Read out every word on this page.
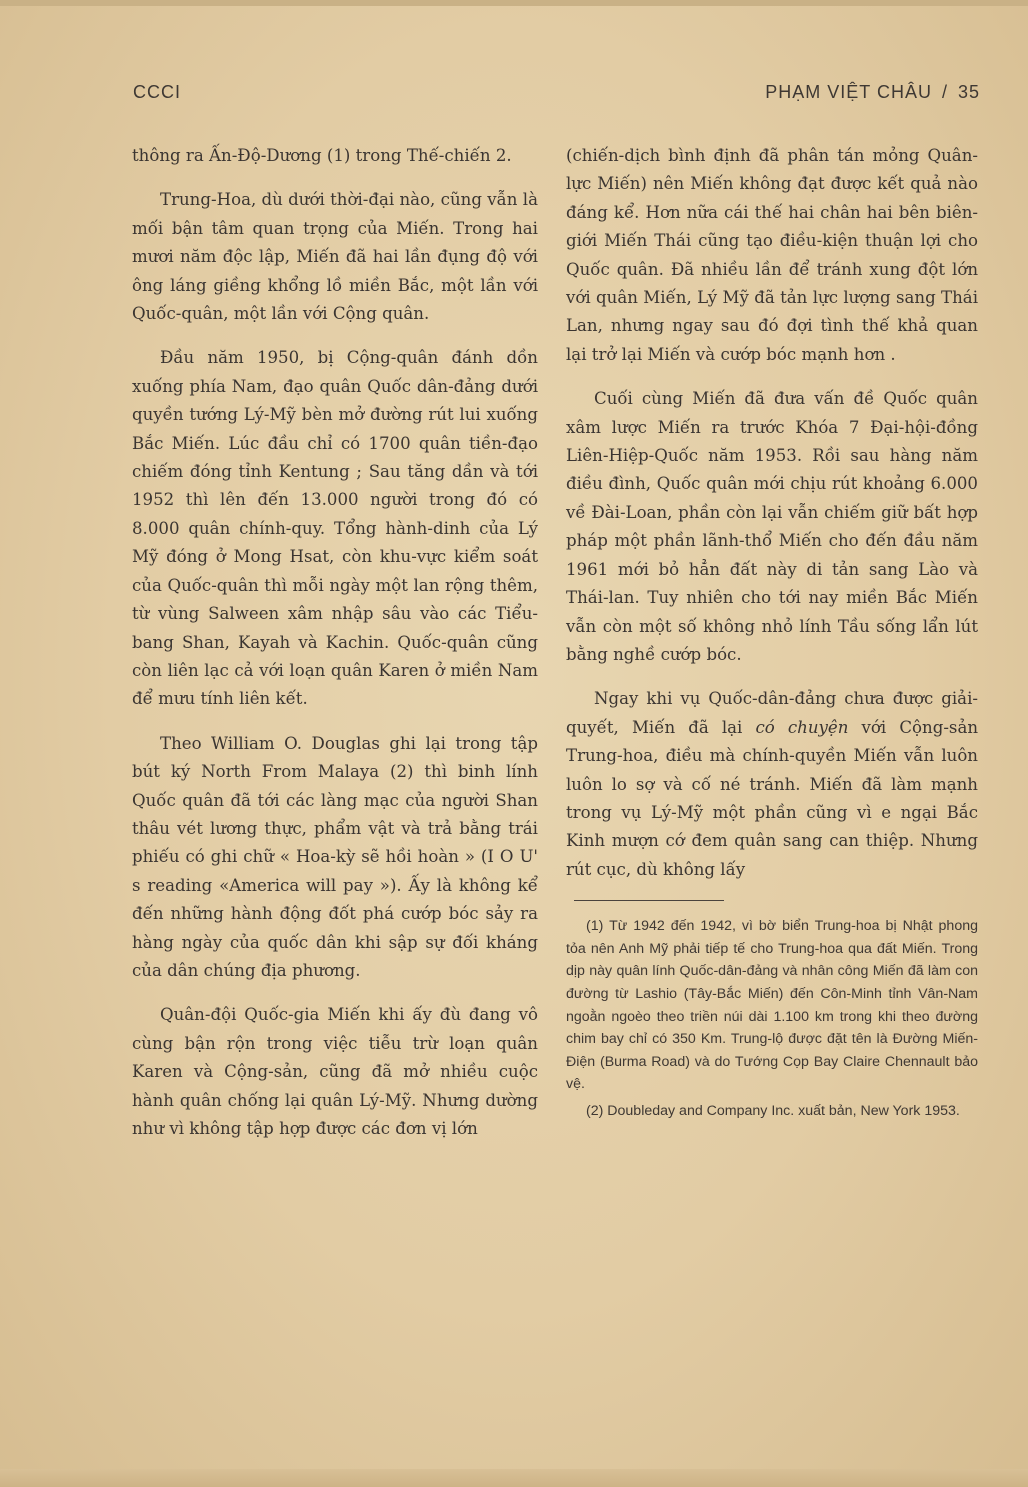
CCCI	PHẠM VIỆT CHÂU / 35

thông ra Ấn-Độ-Dương (1) trong Thế-chiến 2.

Trung-Hoa, dù dưới thời-đại nào, cũng vẫn là mối bận tâm quan trọng của Miến. Trong hai mươi năm độc lập, Miến đã hai lần đụng độ với ông láng giềng khổng lồ miền Bắc, một lần với Quốc-quân, một lần với Cộng quân.

Đầu năm 1950, bị Cộng-quân đánh dồn xuống phía Nam, đạo quân Quốc dân-đảng dưới quyền tướng Lý-Mỹ bèn mở đường rút lui xuống Bắc Miến. Lúc đầu chỉ có 1700 quân tiền-đạo chiếm đóng tỉnh Kentung ; Sau tăng dần và tới 1952 thì lên đến 13.000 người trong đó có 8.000 quân chính-quy. Tổng hành-dinh của Lý Mỹ đóng ở Mong Hsat, còn khu-vực kiểm soát của Quốc-quân thì mỗi ngày một lan rộng thêm, từ vùng Salween xâm nhập sâu vào các Tiểu-bang Shan, Kayah và Kachin. Quốc-quân cũng còn liên lạc cả với loạn quân Karen ở miền Nam để mưu tính liên kết.

Theo William O. Douglas ghi lại trong tập bút ký North From Malaya (2) thì binh lính Quốc quân đã tới các làng mạc của người Shan thâu vét lương thực, phẩm vật và trả bằng trái phiếu có ghi chữ « Hoa-kỳ sẽ hồi hoàn » (I O U' s reading «America will pay »). Ấy là không kể đến những hành động đốt phá cướp bóc sảy ra hàng ngày của quốc dân khi sập sự đối kháng của dân chúng địa phương.

Quân-đội Quốc-gia Miến khi ấy đù đang vô cùng bận rộn trong việc tiễu trừ loạn quân Karen và Cộng-sản, cũng đã mở nhiều cuộc hành quân chống lại quân Lý-Mỹ. Nhưng dường như vì không tập hợp được các đơn vị lớn

(chiến-dịch bình định đã phân tán mỏng Quân-lực Miến) nên Miến không đạt được kết quả nào đáng kể. Hơn nữa cái thế hai chân hai bên biên-giới Miến Thái cũng tạo điều-kiện thuận lợi cho Quốc quân. Đã nhiều lần để tránh xung đột lớn với quân Miến, Lý Mỹ đã tản lực lượng sang Thái Lan, nhưng ngay sau đó đợi tình thế khả quan lại trở lại Miến và cướp bóc mạnh hơn .

Cuối cùng Miến đã đưa vấn đề Quốc quân xâm lược Miến ra trước Khóa 7 Đại-hội-đồng Liên-Hiệp-Quốc năm 1953. Rồi sau hàng năm điều đình, Quốc quân mới chịu rút khoảng 6.000 về Đài-Loan, phần còn lại vẫn chiếm giữ bất hợp pháp một phần lãnh-thổ Miến cho đến đầu năm 1961 mới bỏ hẳn đất này di tản sang Lào và Thái-lan. Tuy nhiên cho tới nay miền Bắc Miến vẫn còn một số không nhỏ lính Tầu sống lẩn lút bằng nghề cướp bóc.

Ngay khi vụ Quốc-dân-đảng chưa được giải-quyết, Miến đã lại có chuyện với Cộng-sản Trung-hoa, điều mà chính-quyền Miến vẫn luôn luôn lo sợ và cố né tránh. Miến đã làm mạnh trong vụ Lý-Mỹ một phần cũng vì e ngại Bắc Kinh mượn cớ đem quân sang can thiệp. Nhưng rút cục, dù không lấy

(1) Từ 1942 đến 1942, vì bờ biển Trung-hoa bị Nhật phong tỏa nên Anh Mỹ phải tiếp tế cho Trung-hoa qua đất Miến. Trong dịp này quân lính Quốc-dân-đảng và nhân công Miến đã làm con đường từ Lashio (Tây-Bắc Miến) đến Côn-Minh tỉnh Vân-Nam ngoằn ngoèo theo triền núi dài 1.100 km trong khi theo đường chim bay chỉ có 350 Km. Trung-lộ được đặt tên là Đường Miến-Điện (Burma Road) và do Tướng Cọp Bay Claire Chennault bảo vệ.

(2) Doubleday and Company Inc. xuất bản, New York 1953.
